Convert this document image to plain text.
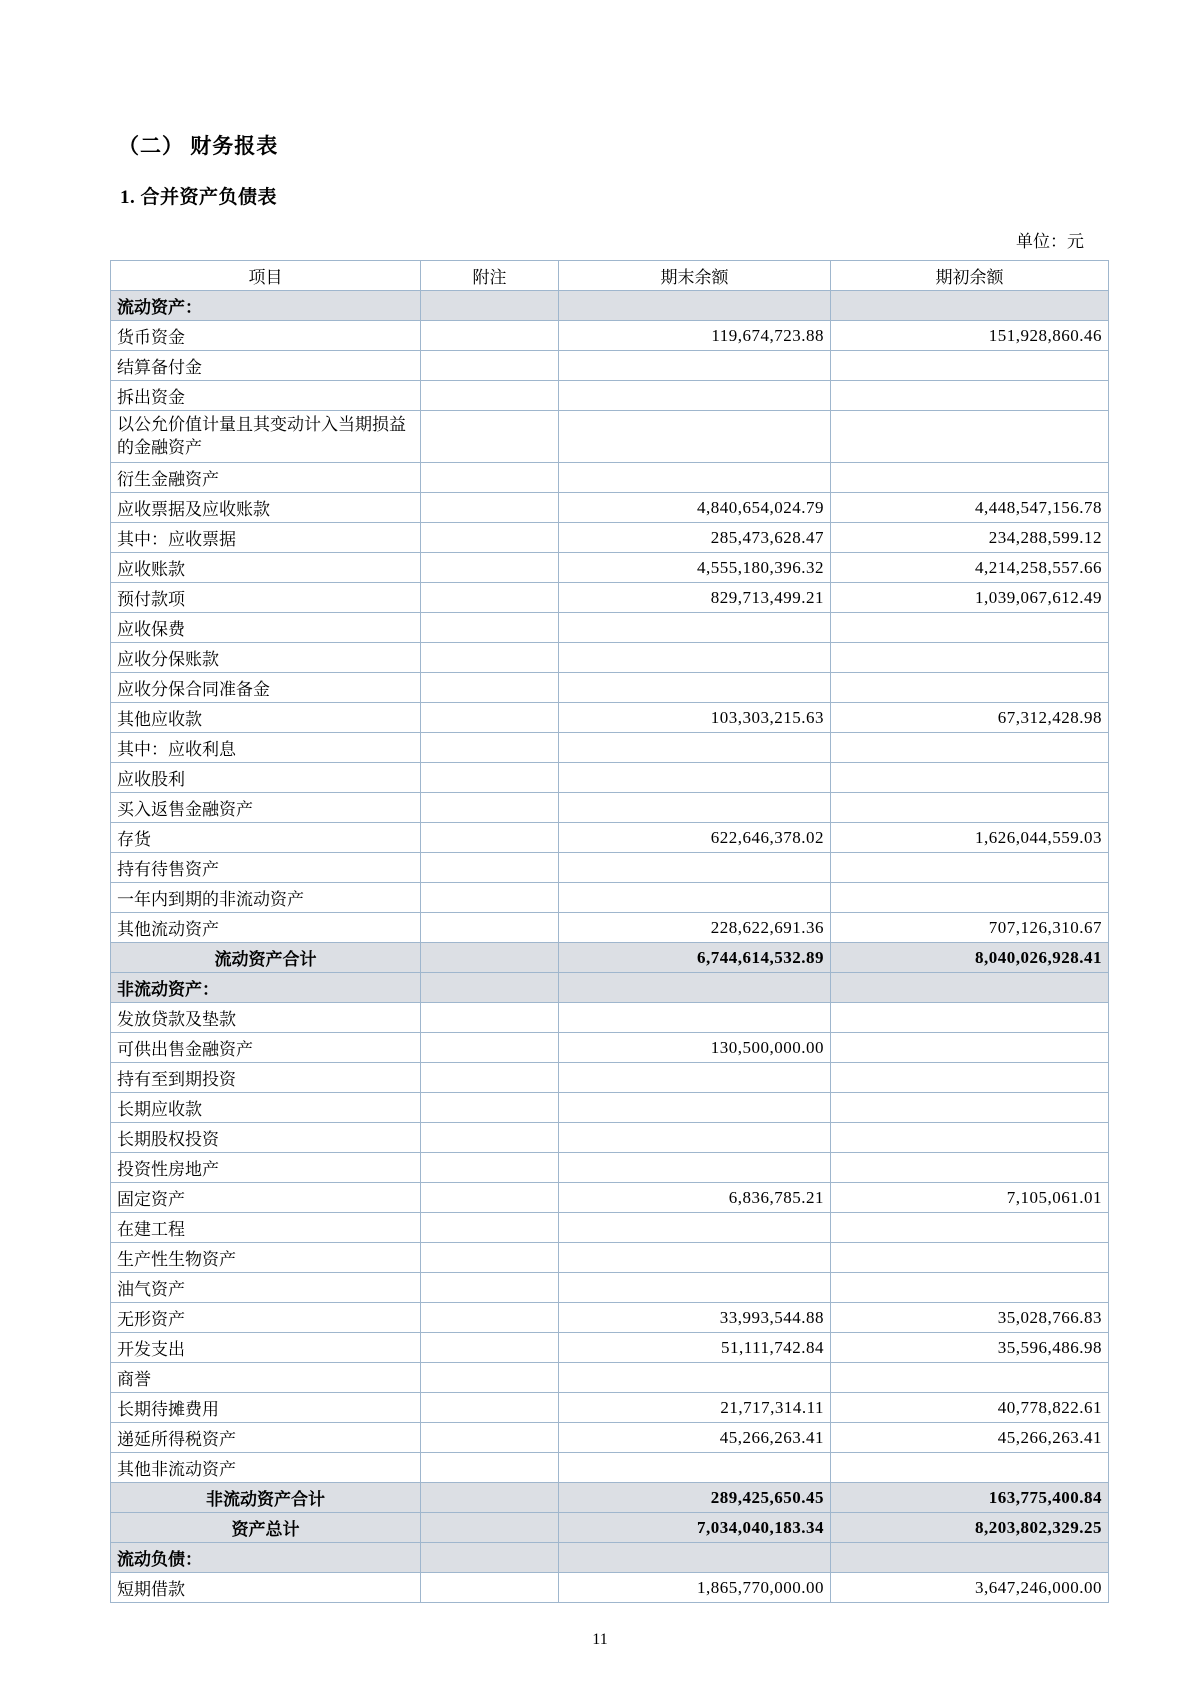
（二） 财务报表
1. 合并资产负债表
单位：元
项目	附注	期末余额	期初余额
流动资产：			
货币资金		119,674,723.88	151,928,860.46
结算备付金			
拆出资金			
以公允价值计量且其变动计入当期损益的金融资产			
衍生金融资产			
应收票据及应收账款		4,840,654,024.79	4,448,547,156.78
其中：应收票据		285,473,628.47	234,288,599.12
应收账款		4,555,180,396.32	4,214,258,557.66
预付款项		829,713,499.21	1,039,067,612.49
应收保费			
应收分保账款			
应收分保合同准备金			
其他应收款		103,303,215.63	67,312,428.98
其中：应收利息			
应收股利			
买入返售金融资产			
存货		622,646,378.02	1,626,044,559.03
持有待售资产			
一年内到期的非流动资产			
其他流动资产		228,622,691.36	707,126,310.67
流动资产合计		6,744,614,532.89	8,040,026,928.41
非流动资产：			
发放贷款及垫款			
可供出售金融资产		130,500,000.00	
持有至到期投资			
长期应收款			
长期股权投资			
投资性房地产			
固定资产		6,836,785.21	7,105,061.01
在建工程			
生产性生物资产			
油气资产			
无形资产		33,993,544.88	35,028,766.83
开发支出		51,111,742.84	35,596,486.98
商誉			
长期待摊费用		21,717,314.11	40,778,822.61
递延所得税资产		45,266,263.41	45,266,263.41
其他非流动资产			
非流动资产合计		289,425,650.45	163,775,400.84
资产总计		7,034,040,183.34	8,203,802,329.25
流动负债：			
短期借款		1,865,770,000.00	3,647,246,000.00
11
